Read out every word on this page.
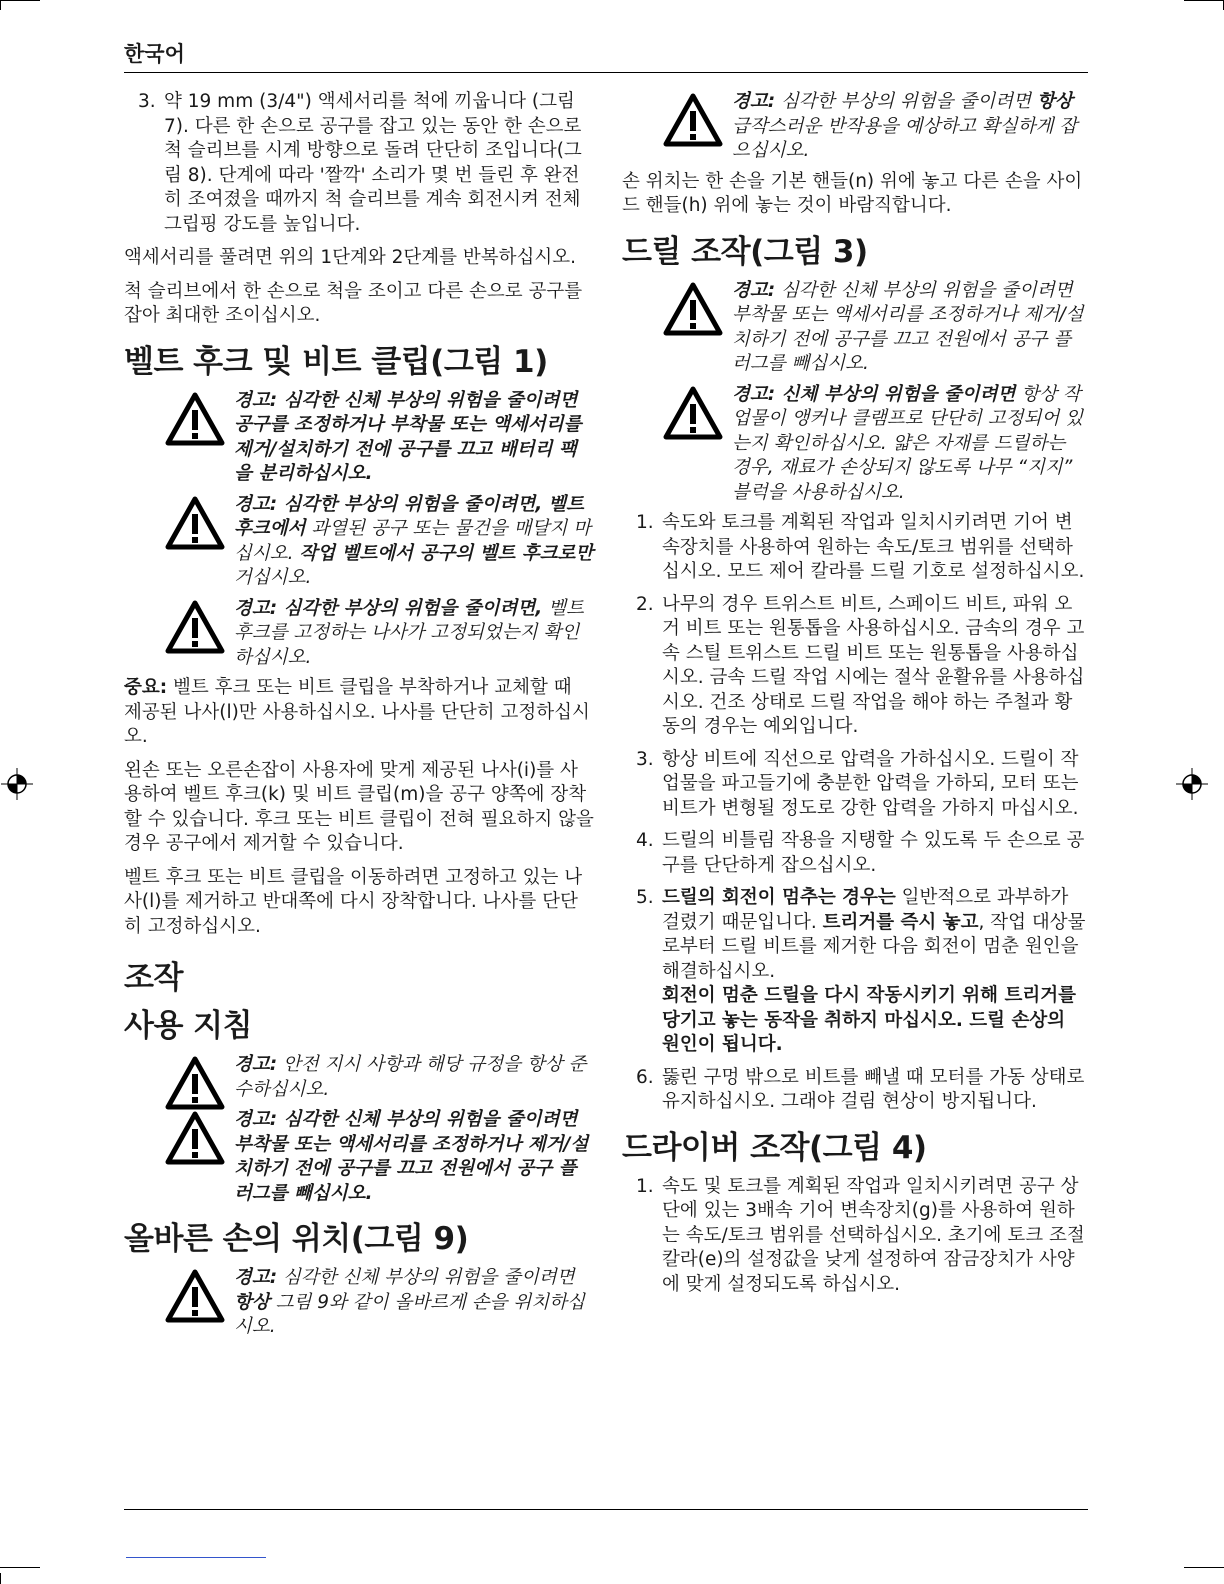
한국어
3. 약 19 mm (3/4") 액세서리를 척에 끼웁니다 (그림 7). 다른 한 손으로 공구를 잡고 있는 동안 한 손으로 척 슬리브를 시계 방향으로 돌려 단단히 조입니다(그림 8). 단계에 따라 '짤깍' 소리가 몇 번 들린 후 완전히 조여졌을 때까지 척 슬리브를 계속 회전시켜 전체 그립핑 강도를 높입니다.

액세서리를 풀려면 위의 1단계와 2단계를 반복하십시오.

척 슬리브에서 한 손으로 척을 조이고 다른 손으로 공구를 잡아 최대한 조이십시오.

벨트 후크 및 비트 클립(그림 1)
경고: 심각한 신체 부상의 위험을 줄이려면 공구를 조정하거나 부착물 또는 액세서리를 제거/설치하기 전에 공구를 끄고 배터리 팩을 분리하십시오.
경고: 심각한 부상의 위험을 줄이려면, 벨트 후크에서 과열된 공구 또는 물건을 매달지 마십시오. 작업 벨트에서 공구의 벨트 후크로만 거십시오.
경고: 심각한 부상의 위험을 줄이려면, 벨트 후크를 고정하는 나사가 고정되었는지 확인하십시오.

중요: 벨트 후크 또는 비트 클립을 부착하거나 교체할 때 제공된 나사(l)만 사용하십시오. 나사를 단단히 고정하십시오.

왼손 또는 오른손잡이 사용자에 맞게 제공된 나사(i)를 사용하여 벨트 후크(k) 및 비트 클립(m)을 공구 양쪽에 장착할 수 있습니다. 후크 또는 비트 클립이 전혀 필요하지 않을 경우 공구에서 제거할 수 있습니다.

벨트 후크 또는 비트 클립을 이동하려면 고정하고 있는 나사(l)를 제거하고 반대쪽에 다시 장착합니다. 나사를 단단히 고정하십시오.

조작
사용 지침
경고: 안전 지시 사항과 해당 규정을 항상 준수하십시오.
경고: 심각한 신체 부상의 위험을 줄이려면 부착물 또는 액세서리를 조정하거나 제거/설치하기 전에 공구를 끄고 전원에서 공구 플러그를 빼십시오.
올바른 손의 위치(그림 9)
경고: 심각한 신체 부상의 위험을 줄이려면 항상 그림 9와 같이 올바르게 손을 위치하십시오.
경고: 심각한 부상의 위험을 줄이려면 항상 급작스러운 반작용을 예상하고 확실하게 잡으십시오.

손 위치는 한 손을 기본 핸들(n) 위에 놓고 다른 손을 사이드 핸들(h) 위에 놓는 것이 바람직합니다.

드릴 조작(그림 3)
경고: 심각한 신체 부상의 위험을 줄이려면 부착물 또는 액세서리를 조정하거나 제거/설치하기 전에 공구를 끄고 전원에서 공구 플러그를 빼십시오.
경고: 신체 부상의 위험을 줄이려면 항상 작업물이 앵커나 클램프로 단단히 고정되어 있는지 확인하십시오. 얇은 자재를 드릴하는 경우, 재료가 손상되지 않도록 나무 “지지” 블럭을 사용하십시오.
1. 속도와 토크를 계획된 작업과 일치시키려면 기어 변속장치를 사용하여 원하는 속도/토크 범위를 선택하십시오. 모드 제어 칼라를 드릴 기호로 설정하십시오.
2. 나무의 경우 트위스트 비트, 스페이드 비트, 파워 오거 비트 또는 원통톱을 사용하십시오. 금속의 경우 고속 스틸 트위스트 드릴 비트 또는 원통톱을 사용하십시오. 금속 드릴 작업 시에는 절삭 윤활유를 사용하십시오. 건조 상태로 드릴 작업을 해야 하는 주철과 황동의 경우는 예외입니다.
3. 항상 비트에 직선으로 압력을 가하십시오. 드릴이 작업물을 파고들기에 충분한 압력을 가하되, 모터 또는 비트가 변형될 정도로 강한 압력을 가하지 마십시오.
4. 드릴의 비틀림 작용을 지탱할 수 있도록 두 손으로 공구를 단단하게 잡으십시오.
5. 드릴의 회전이 멈추는 경우는 일반적으로 과부하가 걸렸기 때문입니다. 트리거를 즉시 놓고, 작업 대상물로부터 드릴 비트를 제거한 다음 회전이 멈춘 원인을 해결하십시오.
회전이 멈춘 드릴을 다시 작동시키기 위해 트리거를 당기고 놓는 동작을 취하지 마십시오. 드릴 손상의 원인이 됩니다.
6. 뚫린 구멍 밖으로 비트를 빼낼 때 모터를 가동 상태로 유지하십시오. 그래야 걸림 현상이 방지됩니다.
드라이버 조작(그림 4)
1. 속도 및 토크를 계획된 작업과 일치시키려면 공구 상단에 있는 3배속 기어 변속장치(g)를 사용하여 원하는 속도/토크 범위를 선택하십시오. 초기에 토크 조절 칼라(e)의 설정값을 낮게 설정하여 잠금장치가 사양에 맞게 설정되도록 하십시오.
